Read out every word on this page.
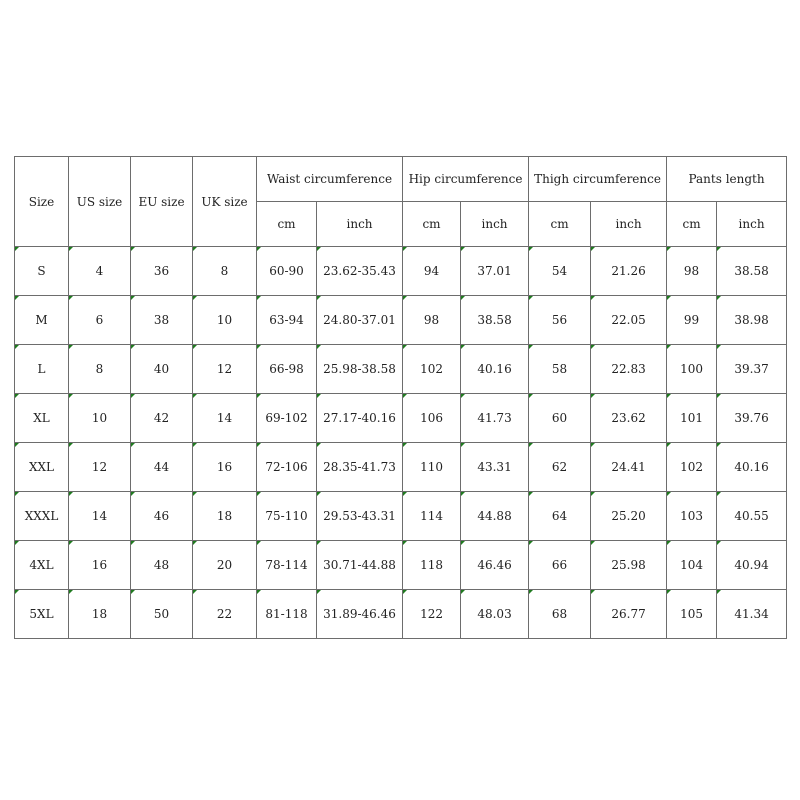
Size	US size	EU size	UK size	Waist circumference		Hip circumference		Thigh circumference		Pants length	
				cm	inch	cm	inch	cm	inch	cm	inch
S	4	36	8	60-90	23.62-35.43	94	37.01	54	21.26	98	38.58
M	6	38	10	63-94	24.80-37.01	98	38.58	56	22.05	99	38.98
L	8	40	12	66-98	25.98-38.58	102	40.16	58	22.83	100	39.37
XL	10	42	14	69-102	27.17-40.16	106	41.73	60	23.62	101	39.76
XXL	12	44	16	72-106	28.35-41.73	110	43.31	62	24.41	102	40.16
XXXL	14	46	18	75-110	29.53-43.31	114	44.88	64	25.20	103	40.55
4XL	16	48	20	78-114	30.71-44.88	118	46.46	66	25.98	104	40.94
5XL	18	50	22	81-118	31.89-46.46	122	48.03	68	26.77	105	41.34
